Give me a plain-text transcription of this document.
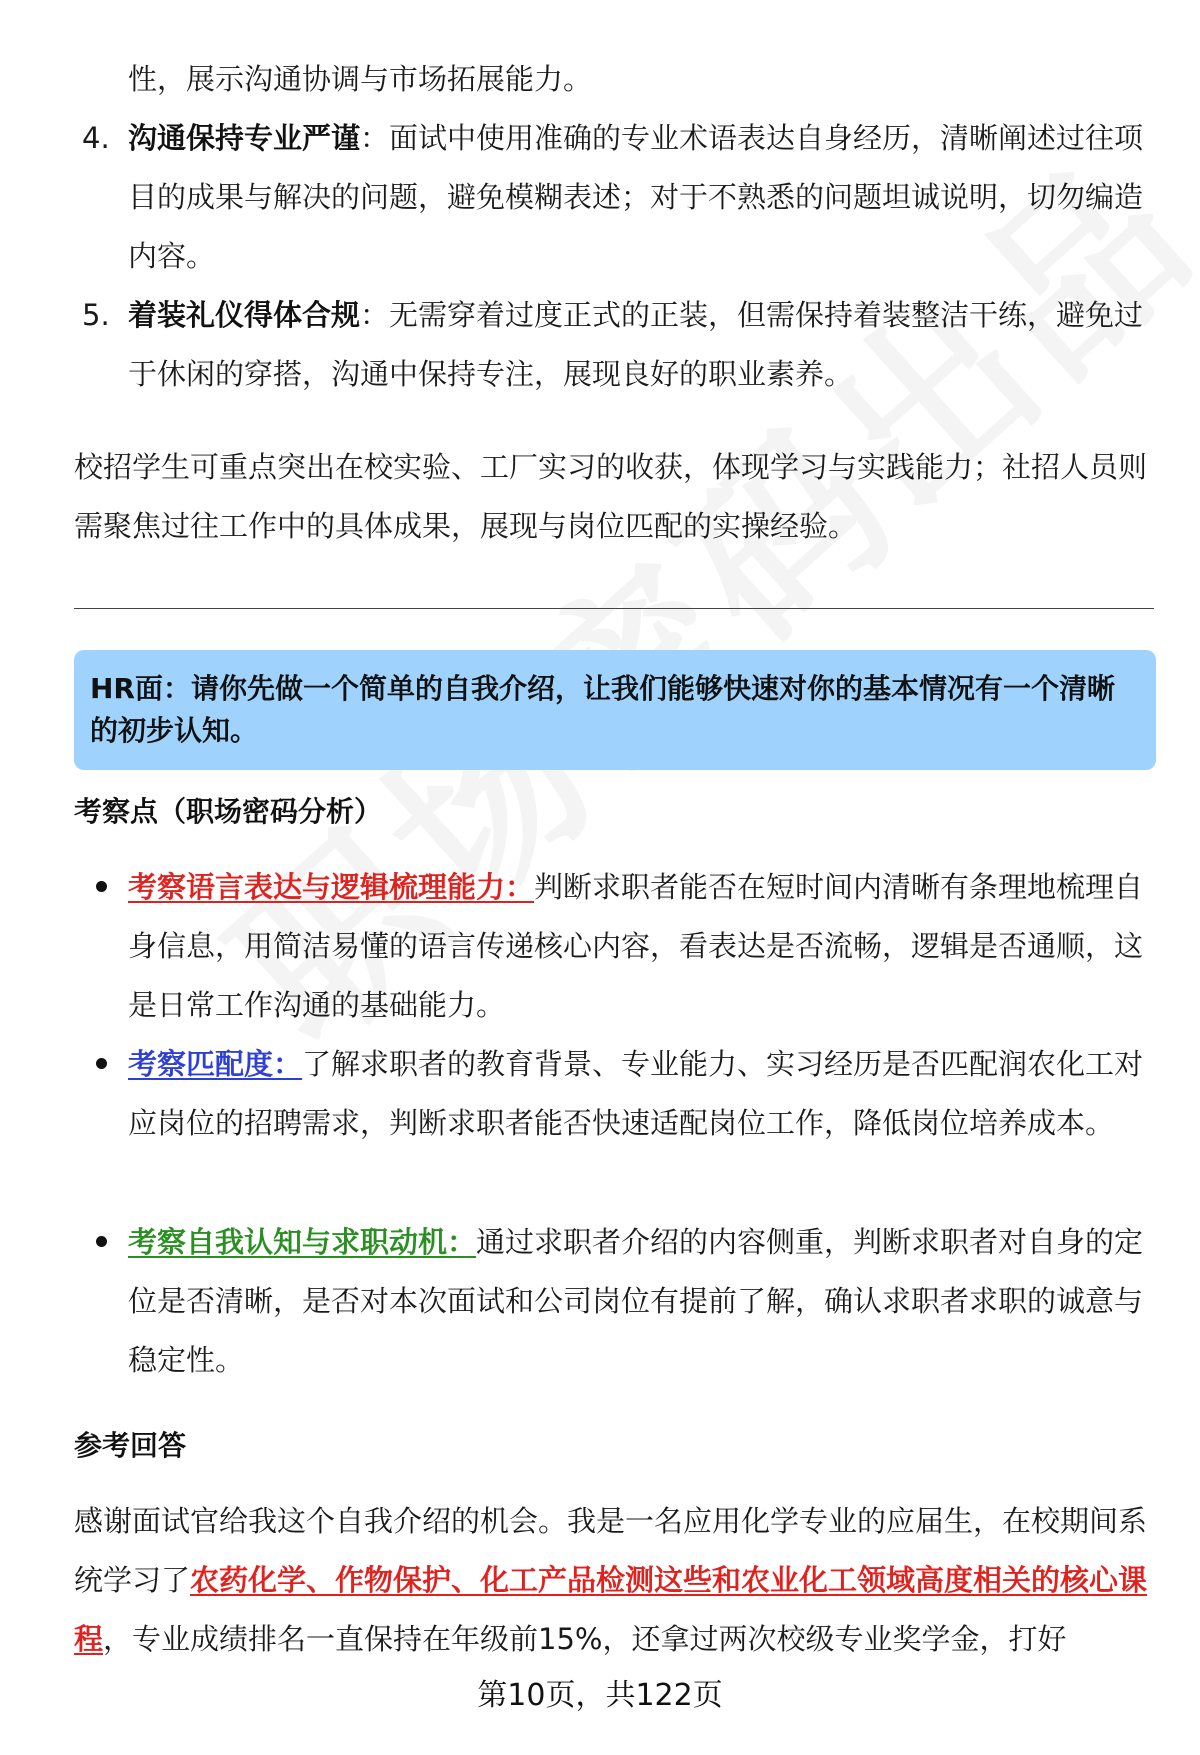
性，展示沟通协调与市场拓展能力。
4. 沟通保持专业严谨：面试中使用准确的专业术语表达自身经历，清晰阐述过往项目的成果与解决的问题，避免模糊表述；对于不熟悉的问题坦诚说明，切勿编造内容。
5. 着装礼仪得体合规：无需穿着过度正式的正装，但需保持着装整洁干练，避免过于休闲的穿搭，沟通中保持专注，展现良好的职业素养。
校招学生可重点突出在校实验、工厂实习的收获，体现学习与实践能力；社招人员则需聚焦过往工作中的具体成果，展现与岗位匹配的实操经验。
HR面：请你先做一个简单的自我介绍，让我们能够快速对你的基本情况有一个清晰的初步认知。
考察点（职场密码分析）
考察语言表达与逻辑梳理能力：判断求职者能否在短时间内清晰有条理地梳理自身信息，用简洁易懂的语言传递核心内容，看表达是否流畅，逻辑是否通顺，这是日常工作沟通的基础能力。
考察匹配度：了解求职者的教育背景、专业能力、实习经历是否匹配润农化工对应岗位的招聘需求，判断求职者能否快速适配岗位工作，降低岗位培养成本。
考察自我认知与求职动机：通过求职者介绍的内容侧重，判断求职者对自身的定位是否清晰，是否对本次面试和公司岗位有提前了解，确认求职者求职的诚意与稳定性。
参考回答
感谢面试官给我这个自我介绍的机会。我是一名应用化学专业的应届生，在校期间系统学习了农药化学、作物保护、化工产品检测这些和农业化工领域高度相关的核心课程，专业成绩排名一直保持在年级前15%，还拿过两次校级专业奖学金，打好
第10页，共122页
